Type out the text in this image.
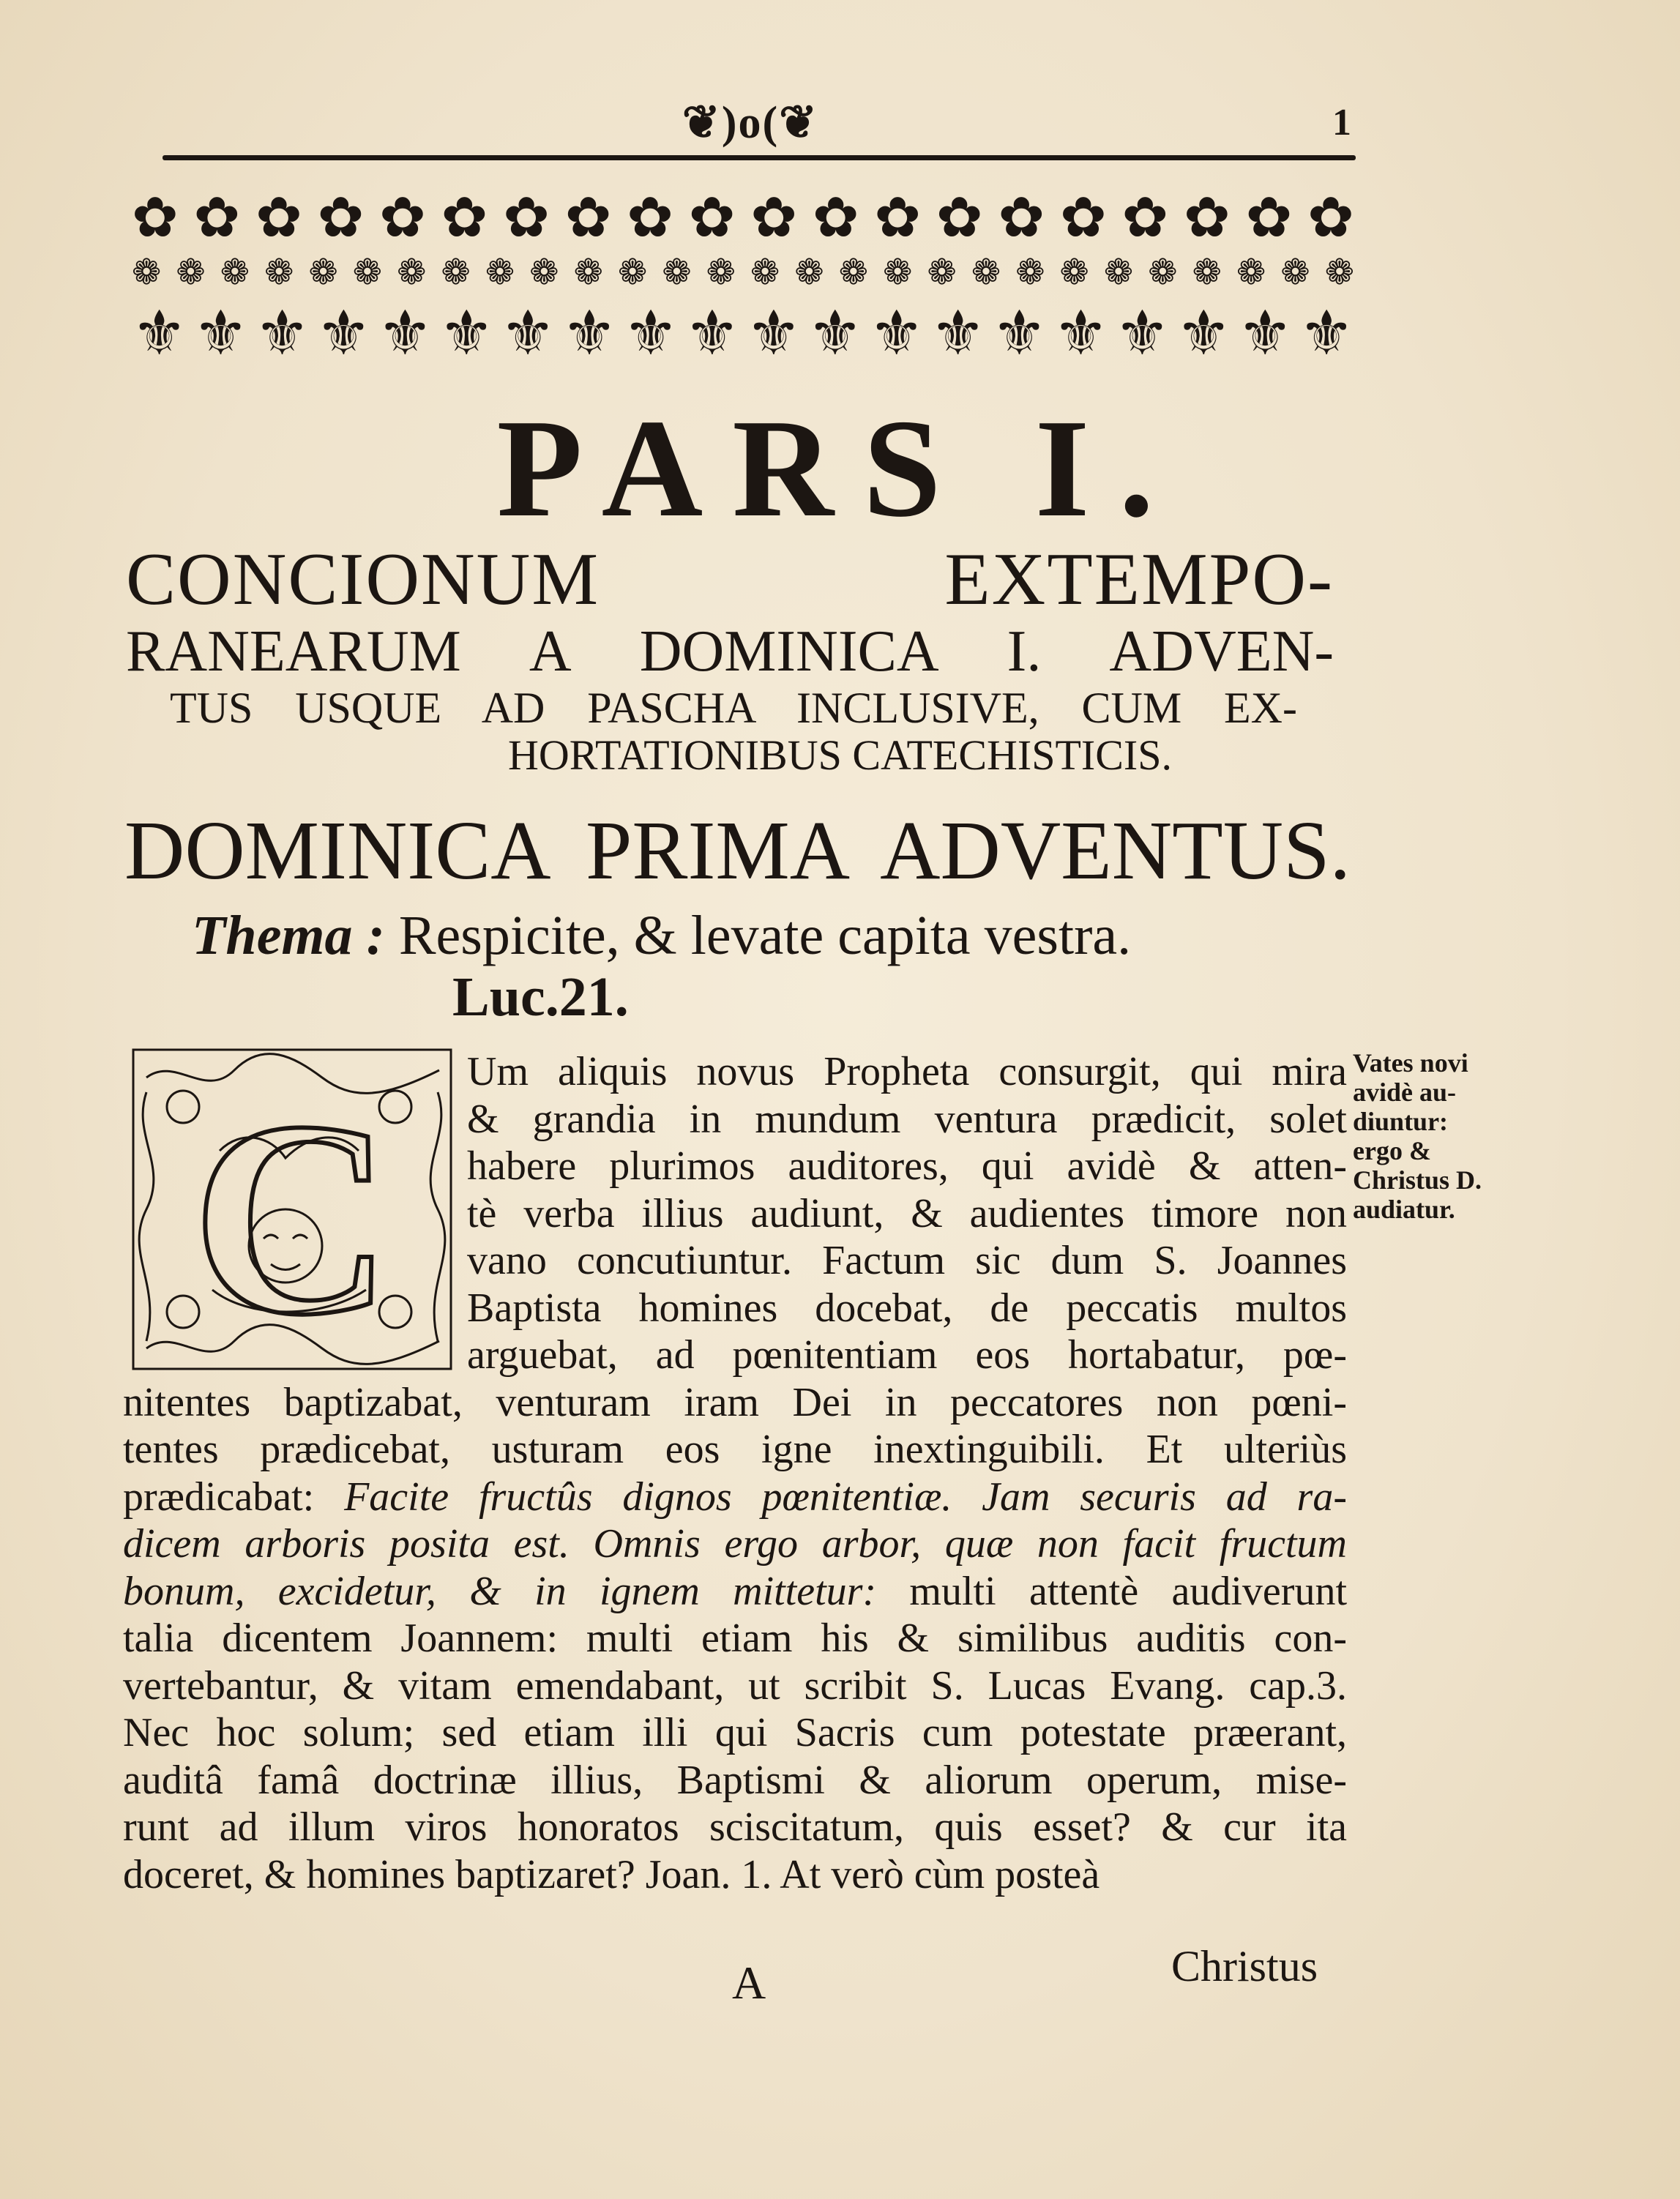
❦)o(❦	1
✿ ✿ ✿ ✿ ✿ ✿ ✿ ✿ ✿ ✿ ✿ ✿ ✿ ✿ ✿ ✿ ✿ ✿ ✿ ✿
❁ ❁ ❁ ❁ ❁ ❁ ❁ ❁ ❁ ❁ ❁ ❁ ❁ ❁ ❁ ❁ ❁ ❁ ❁ ❁ ❁ ❁ ❁ ❁ ❁ ❁ ❁ ❁
⚜ ⚜ ⚜ ⚜ ⚜ ⚜ ⚜ ⚜ ⚜ ⚜ ⚜ ⚜ ⚜ ⚜ ⚜ ⚜ ⚜ ⚜ ⚜ ⚜
PARS I.
CONCIONUM EXTEMPO-
RANEARUM A DOMINICA I. ADVEN-
TUS USQUE AD PASCHA INCLUSIVE, CUM EX-
HORTATIONIBUS CATECHISTICIS.
DOMINICA PRIMA ADVENTUS.
Thema : Respicite, & levate capita vestra.
Luc.21.
C Um aliquis novus Propheta consurgit, qui mira
& grandia in mundum ventura prædicit, solet
habere plurimos auditores, qui avidè & atten-
tè verba illius audiunt, & audientes timore non
vano concutiuntur. Factum sic dum S. Joannes
Baptista homines docebat, de peccatis multos
arguebat, ad pœnitentiam eos hortabatur, pœ-
nitentes baptizabat, venturam iram Dei in peccatores non pœni-
tentes prædicebat, usturam eos igne inextinguibili. Et ulteriùs
prædicabat: Facite fructûs dignos pœnitentiæ. Jam securis ad ra-
dicem arboris posita est. Omnis ergo arbor, quæ non facit fructum
bonum, excidetur, & in ignem mittetur: multi attentè audiverunt
talia dicentem Joannem: multi etiam his & similibus auditis con-
vertebantur, & vitam emendabant, ut scribit S. Lucas Evang. cap.3.
Nec hoc solum; sed etiam illi qui Sacris cum potestate præerant,
auditâ famâ doctrinæ illius, Baptismi & aliorum operum, mise-
runt ad illum viros honoratos sciscitatum, quis esset? & cur ita
doceret, & homines baptizaret? Joan. 1. At verò cùm posteà
Vates novi
avidè au-
diuntur:
ergo &
Christus D.
audiatur.
A	Christus
